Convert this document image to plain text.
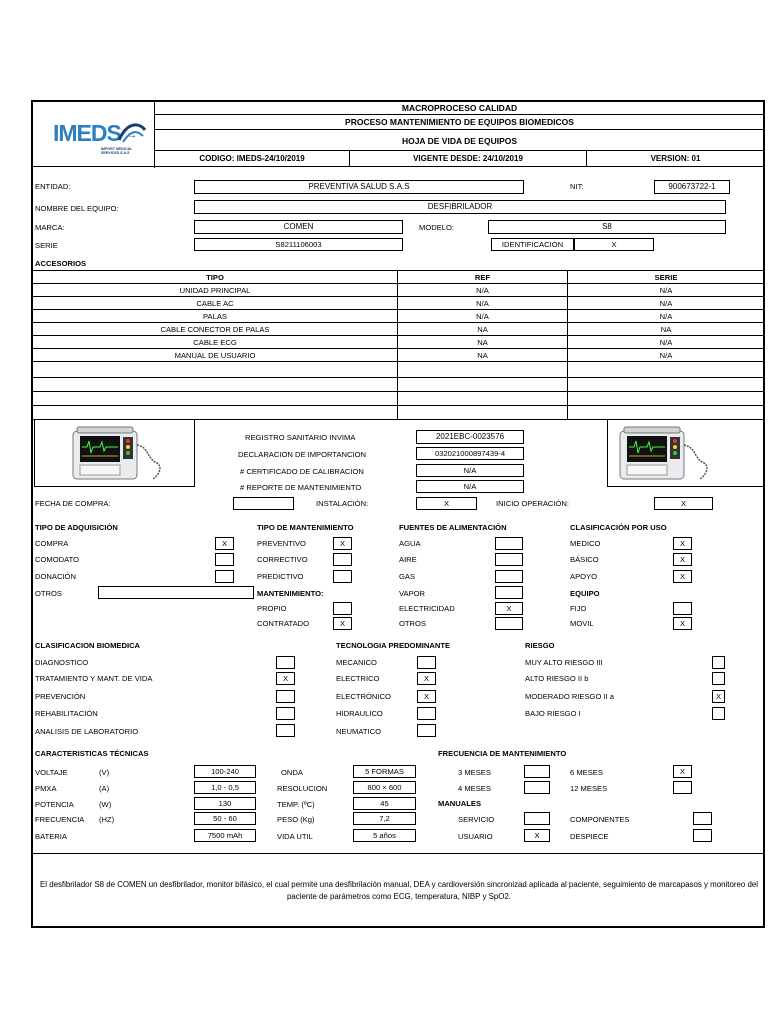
IMEDS →
IMPORT MEDICAL SERVICES S.A.S
MACROPROCESO CALIDAD
PROCESO MANTENIMIENTO DE EQUIPOS BIOMEDICOS
HOJA DE VIDA DE EQUIPOS
CODIGO: IMEDS-24/10/2019	VIGENTE DESDE: 24/10/2019	VERSION: 01
ENTIDAD:	PREVENTIVA SALUD S.A.S	NIT:	900673722-1
NOMBRE DEL EQUIPO:	DESFIBRILADOR
MARCA:	COMEN	MODELO:	S8
SERIE	S8211106003	IDENTIFICACION	X
ACCESORIOS
TIPO	REF	SERIE
UNIDAD PRINCIPAL	N/A	N/A
CABLE AC	N/A	N/A
PALAS	N/A	N/A
CABLE CONECTOR DE PALAS	NA	NA
CABLE ECG	NA	N/A
MANUAL DE USUARIO	NA	N/A
REGISTRO SANITARIO INVIMA	2021EBC-0023576
DECLARACION DE IMPORTANCION	032021000897439-4
# CERTIFICADO DE CALIBRACION	N/A
# REPORTE DE MANTENIMIENTO	N/A
FECHA DE COMPRA:	INSTALACIÓN:	X	INICIO OPERACIÓN:	X
TIPO DE ADQUISICIÓN
COMPRA	X
COMODATO
DONACIÓN
OTROS
TIPO DE MANTENIMIENTO
PREVENTIVO	X
CORRECTIVO
PREDICTIVO
MANTENIMIENTO:
PROPIO
CONTRATADO	X
FUENTES DE ALIMENTACIÓN
AGUA
AIRE
GAS
VAPOR
ELECTRICIDAD	X
OTROS
CLASIFICACIÓN POR USO
MEDICO	X
BÁSICO	X
APOYO	X
EQUIPO
FIJO
MOVIL	X
CLASIFICACION BIOMEDICA
DIAGNOSTICO
TRATAMIENTO Y MANT. DE VIDA	X
PREVENCIÓN
REHABILITACIÓN
ANALISIS DE LABORATORIO
TECNOLOGIA PREDOMINANTE
MECANICO
ELECTRICO	X
ELECTRÓNICO	X
HIDRAULICO
NEUMATICO
RIESGO
MUY ALTO RIESGO III
ALTO RIESGO II b
MODERADO RIESGO II a	X
BAJO RIESGO I
CARACTERISTICAS TÉCNICAS
VOLTAJE	(V)	100-240
PMXA	(A)	1,0 - 0,5
POTENCIA	(W)	130
FRECUENCIA (HZ)	50 - 60
BATERIA	7500 mAh
ONDA	5 FORMAS
RESOLUCION	800 × 600
TEMP. (ºC)	45
PESO (Kg)	7,2
VIDA UTIL	5 años
FRECUENCIA DE MANTENIMIENTO
3 MESES
4 MESES
6 MESES	X
12 MESES
MANUALES
SERVICIO
USUARIO	X
COMPONENTES
DESPIECE
El desfibrilador S8 de COMEN un desfibrilador, monitor bifásico, el cual permite una desfibrilación manual, DEA y cardioversión sincronizad aplicada al paciente, seguimiento de marcapasos y monitoreo del paciente de parámetros como ECG, temperatura, NIBP y SpO2.
